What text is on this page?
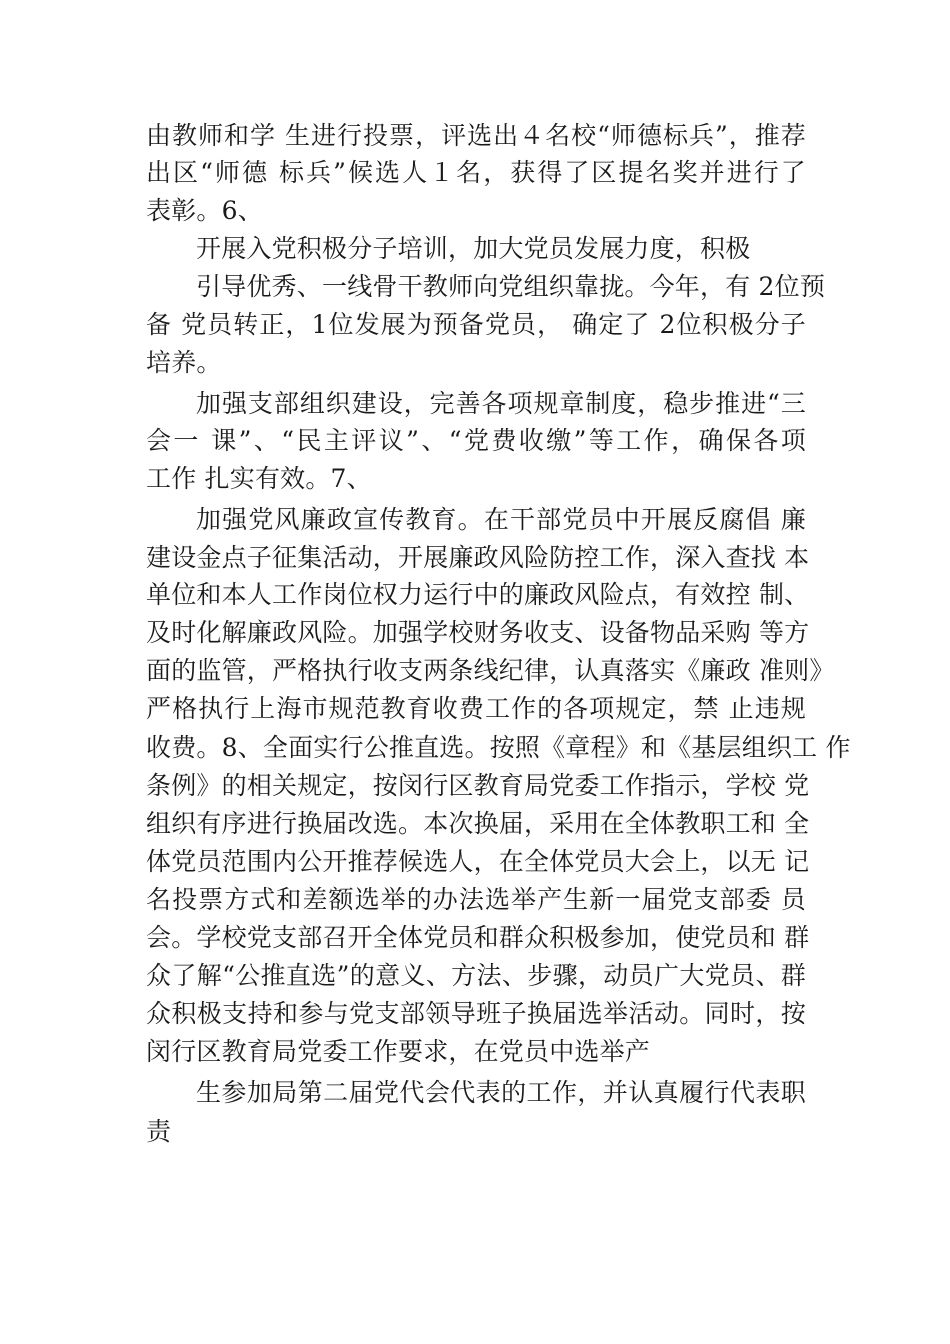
由教师和学 生进行投票，评选出４名校“师德标兵”，推荐
出区“师德 标兵”候选人１名，获得了区提名奖并进行了
表彰。6、
开展入党积极分子培训，加大党员发展力度，积极
引导优秀、一线骨干教师向党组织靠拢。今年，有 2位预
备 党员转正，1位发展为预备党员， 确定了 2位积极分子
培养。
加强支部组织建设，完善各项规章制度，稳步推进“三
会一 课”、“民主评议”、“党费收缴”等工作，确保各项
工作 扎实有效。7、
加强党风廉政宣传教育。在干部党员中开展反腐倡 廉
建设金点子征集活动，开展廉政风险防控工作，深入查找 本
单位和本人工作岗位权力运行中的廉政风险点，有效控 制、
及时化解廉政风险。加强学校财务收支、设备物品采购 等方
面的监管，严格执行收支两条线纪律，认真落实《廉政 准则》
严格执行上海市规范教育收费工作的各项规定，禁 止违规
收费。8、全面实行公推直选。按照《章程》和《基层组织工 作
条例》的相关规定，按闵行区教育局党委工作指示，学校 党
组织有序进行换届改选。本次换届，采用在全体教职工和 全
体党员范围内公开推荐候选人，在全体党员大会上，以无 记
名投票方式和差额选举的办法选举产生新一届党支部委 员
会。学校党支部召开全体党员和群众积极参加，使党员和 群
众了解“公推直选”的意义、方法、步骤，动员广大党员、群
众积极支持和参与党支部领导班子换届选举活动。同时，按
闵行区教育局党委工作要求，在党员中选举产
生参加局第二届党代会代表的工作，并认真履行代表职
责
